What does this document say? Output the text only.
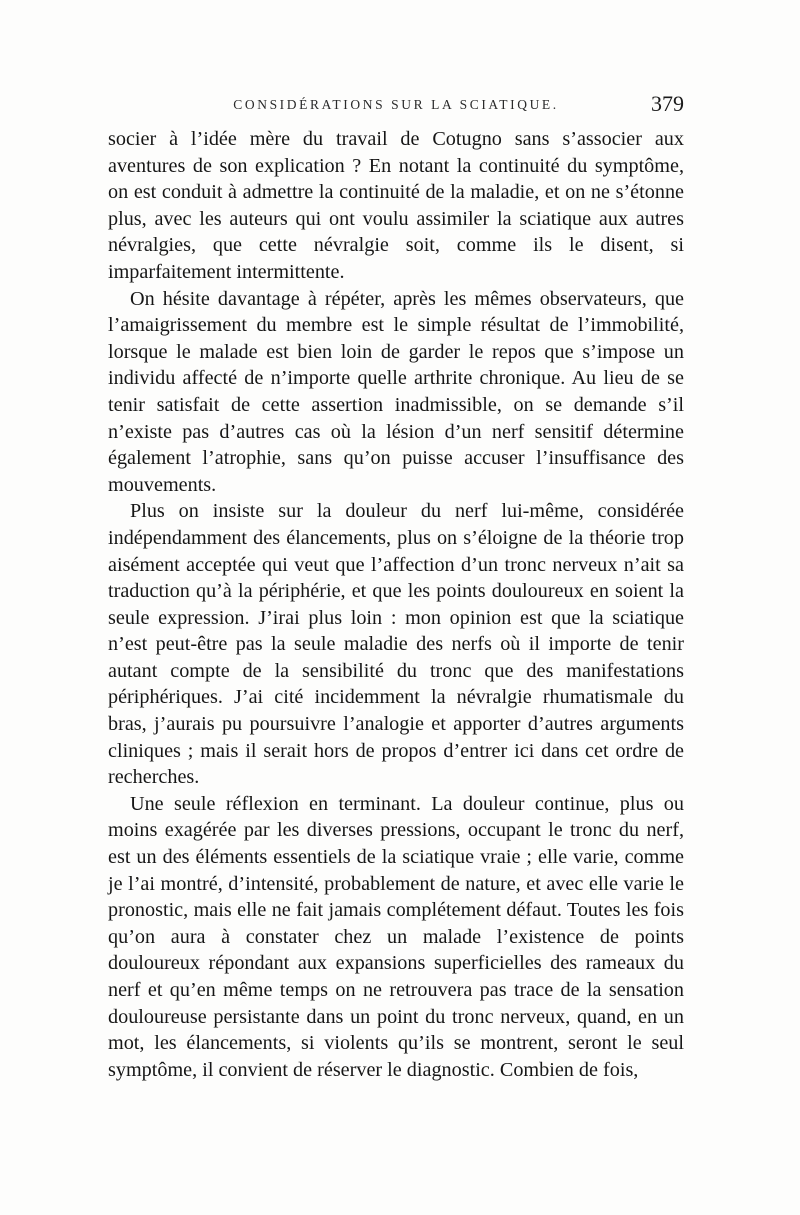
CONSIDÉRATIONS SUR LA SCIATIQUE.	379

socier à l’idée mère du travail de Cotugno sans s’associer aux aventures de son explication ? En notant la continuité du symptôme, on est conduit à admettre la continuité de la maladie, et on ne s’étonne plus, avec les auteurs qui ont voulu assimiler la sciatique aux autres névralgies, que cette névralgie soit, comme ils le disent, si imparfaitement intermittente.

On hésite davantage à répéter, après les mêmes observateurs, que l’amaigrissement du membre est le simple résultat de l’immobilité, lorsque le malade est bien loin de garder le repos que s’impose un individu affecté de n’importe quelle arthrite chronique. Au lieu de se tenir satisfait de cette assertion inadmissible, on se demande s’il n’existe pas d’autres cas où la lésion d’un nerf sensitif détermine également l’atrophie, sans qu’on puisse accuser l’insuffisance des mouvements.

Plus on insiste sur la douleur du nerf lui-même, considérée indépendamment des élancements, plus on s’éloigne de la théorie trop aisément acceptée qui veut que l’affection d’un tronc nerveux n’ait sa traduction qu’à la périphérie, et que les points douloureux en soient la seule expression. J’irai plus loin : mon opinion est que la sciatique n’est peut-être pas la seule maladie des nerfs où il importe de tenir autant compte de la sensibilité du tronc que des manifestations périphériques. J’ai cité incidemment la névralgie rhumatismale du bras, j’aurais pu poursuivre l’analogie et apporter d’autres arguments cliniques ; mais il serait hors de propos d’entrer ici dans cet ordre de recherches.

Une seule réflexion en terminant. La douleur continue, plus ou moins exagérée par les diverses pressions, occupant le tronc du nerf, est un des éléments essentiels de la sciatique vraie ; elle varie, comme je l’ai montré, d’intensité, probablement de nature, et avec elle varie le pronostic, mais elle ne fait jamais complétement défaut. Toutes les fois qu’on aura à constater chez un malade l’existence de points douloureux répondant aux expansions superficielles des rameaux du nerf et qu’en même temps on ne retrouvera pas trace de la sensation douloureuse persistante dans un point du tronc nerveux, quand, en un mot, les élancements, si violents qu’ils se montrent, seront le seul symptôme, il convient de réserver le diagnostic. Combien de fois,
